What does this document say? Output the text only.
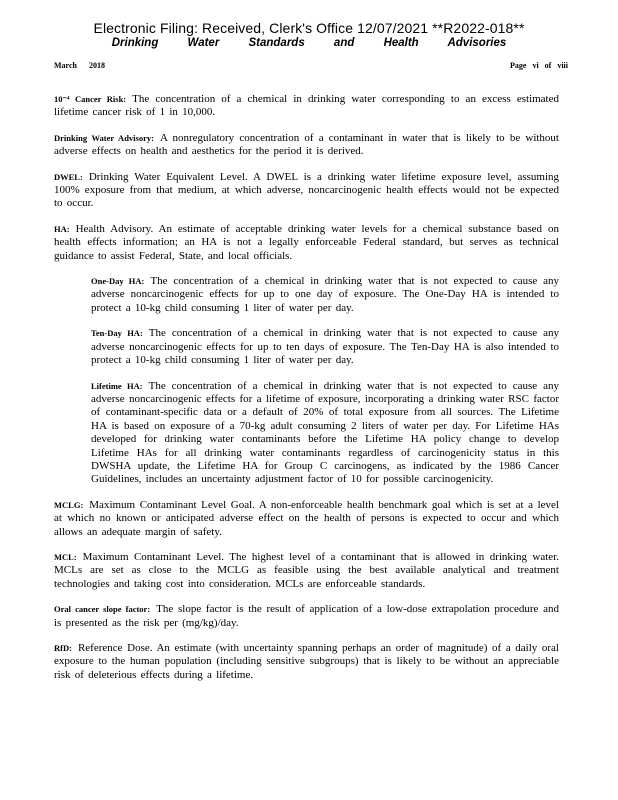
Electronic Filing: Received, Clerk's Office 12/07/2021 **R2022-018**
Drinking Water Standards and Health Advisories
March 2018	Page vi of viii

10⁻⁴ Cancer Risk: The concentration of a chemical in drinking water corresponding to an excess estimated lifetime cancer risk of 1 in 10,000.

Drinking Water Advisory: A nonregulatory concentration of a contaminant in water that is likely to be without adverse effects on health and aesthetics for the period it is derived.

DWEL: Drinking Water Equivalent Level. A DWEL is a drinking water lifetime exposure level, assuming 100% exposure from that medium, at which adverse, noncarcinogenic health effects would not be expected to occur.

HA: Health Advisory. An estimate of acceptable drinking water levels for a chemical substance based on health effects information; an HA is not a legally enforceable Federal standard, but serves as technical guidance to assist Federal, State, and local officials.

One-Day HA: The concentration of a chemical in drinking water that is not expected to cause any adverse noncarcinogenic effects for up to one day of exposure. The One-Day HA is intended to protect a 10-kg child consuming 1 liter of water per day.

Ten-Day HA: The concentration of a chemical in drinking water that is not expected to cause any adverse noncarcinogenic effects for up to ten days of exposure. The Ten-Day HA is also intended to protect a 10-kg child consuming 1 liter of water per day.

Lifetime HA: The concentration of a chemical in drinking water that is not expected to cause any adverse noncarcinogenic effects for a lifetime of exposure, incorporating a drinking water RSC factor of contaminant-specific data or a default of 20% of total exposure from all sources. The Lifetime HA is based on exposure of a 70-kg adult consuming 2 liters of water per day. For Lifetime HAs developed for drinking water contaminants before the Lifetime HA policy change to develop Lifetime HAs for all drinking water contaminants regardless of carcinogenicity status in this DWSHA update, the Lifetime HA for Group C carcinogens, as indicated by the 1986 Cancer Guidelines, includes an uncertainty adjustment factor of 10 for possible carcinogenicity.

MCLG: Maximum Contaminant Level Goal. A non-enforceable health benchmark goal which is set at a level at which no known or anticipated adverse effect on the health of persons is expected to occur and which allows an adequate margin of safety.

MCL: Maximum Contaminant Level. The highest level of a contaminant that is allowed in drinking water. MCLs are set as close to the MCLG as feasible using the best available analytical and treatment technologies and taking cost into consideration. MCLs are enforceable standards.

Oral cancer slope factor: The slope factor is the result of application of a low-dose extrapolation procedure and is presented as the risk per (mg/kg)/day.

RfD: Reference Dose. An estimate (with uncertainty spanning perhaps an order of magnitude) of a daily oral exposure to the human population (including sensitive subgroups) that is likely to be without an appreciable risk of deleterious effects during a lifetime.
